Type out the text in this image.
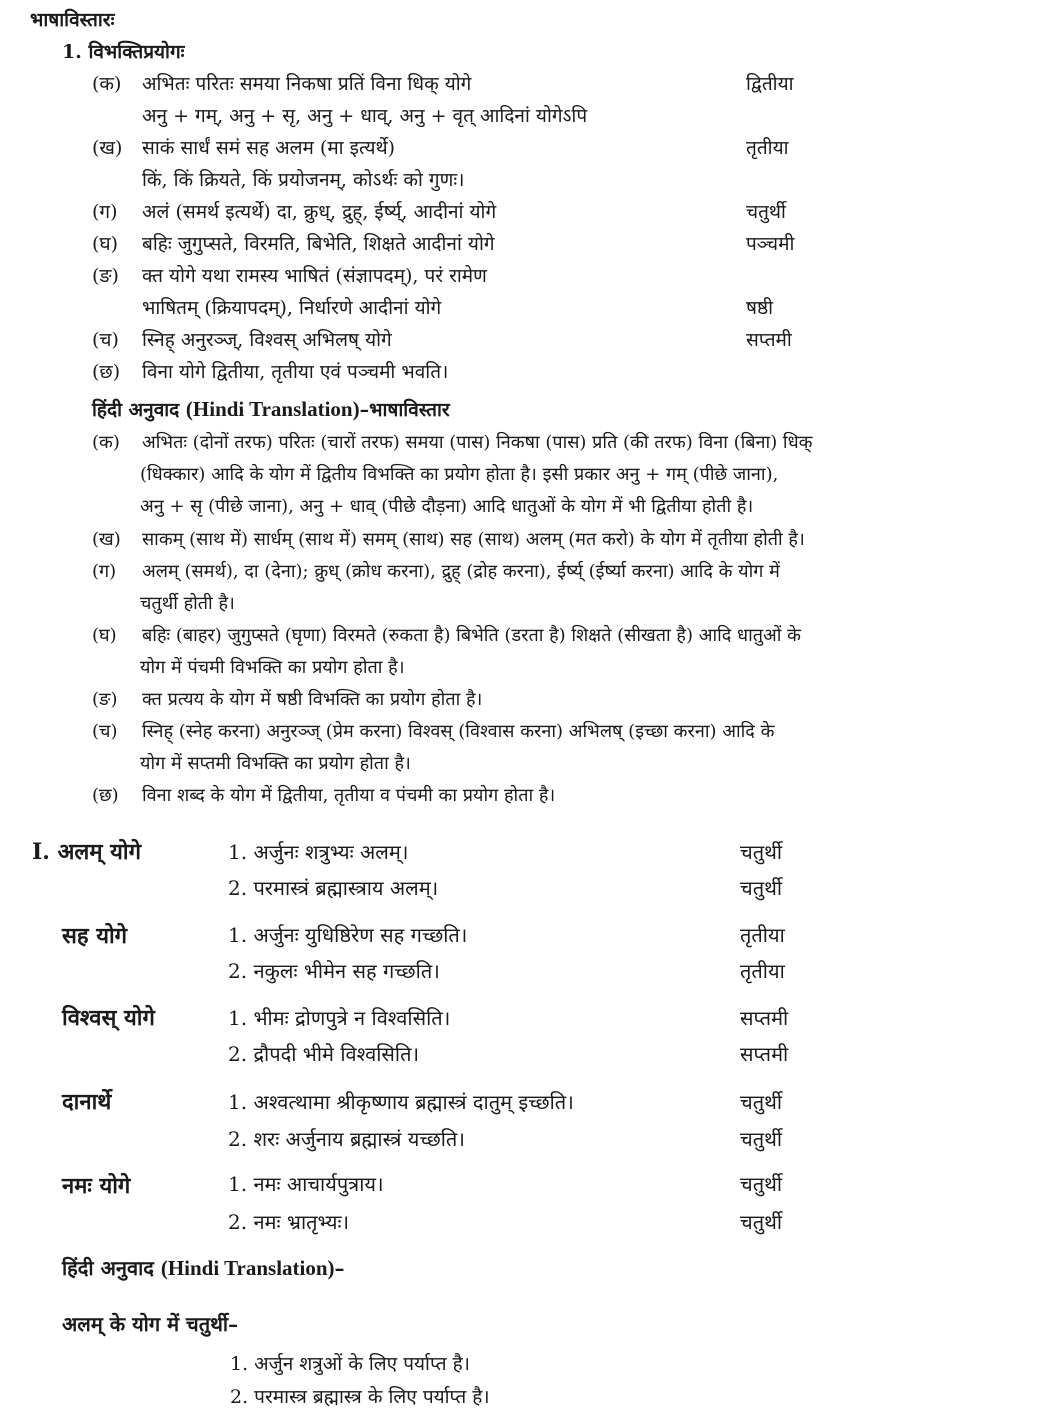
भाषाविस्तारः
1. विभक्तिप्रयोगः
(क) अभितः परितः समया निकषा प्रतिं विना धिक् योगे
अनु + गम्, अनु + सृ, अनु + धाव्, अनु + वृत् आदिनां योगेऽपि
द्वितीया
(ख) साकं सार्धं समं सह अलम (मा इत्यर्थे)
किं, किं क्रियते, किं प्रयोजनम्, कोऽर्थः को गुणः।
तृतीया
(ग) अलं (समर्थ इत्यर्थे) दा, क्रुध्, द्रुह्, ईर्ष्य्, आदीनां योगे	चतुर्थी
(घ) बहिः जुगुप्सते, विरमति, बिभेति, शिक्षते आदीनां योगे	पञ्चमी
(ङ) क्त योगे यथा रामस्य भाषितं (संज्ञापदम्), परं रामेण
भाषितम् (क्रियापदम्), निर्धारणे आदीनां योगे	षष्ठी
(च) स्निह् अनुरञ्ज्, विश्वस् अभिलष् योगे	सप्तमी
(छ) विना योगे द्वितीया, तृतीया एवं पञ्चमी भवति।
हिंदी अनुवाद (Hindi Translation)–भाषाविस्तार
(क) अभितः (दोनों तरफ) परितः (चारों तरफ) समया (पास) निकषा (पास) प्रति (की तरफ) विना (बिना) धिक्
(धिक्कार) आदि के योग में द्वितीय विभक्ति का प्रयोग होता है। इसी प्रकार अनु + गम् (पीछे जाना),
अनु + सृ (पीछे जाना), अनु + धाव् (पीछे दौड़ना) आदि धातुओं के योग में भी द्वितीया होती है।
(ख) साकम् (साथ में) सार्धम् (साथ में) समम् (साथ) सह (साथ) अलम् (मत करो) के योग में तृतीया होती है।
(ग) अलम् (समर्थ), दा (देना); क्रुध् (क्रोध करना), द्रुह् (द्रोह करना), ईर्ष्य् (ईर्ष्या करना) आदि के योग में
चतुर्थी होती है।
(घ) बहिः (बाहर) जुगुप्सते (घृणा) विरमते (रुकता है) बिभेति (डरता है) शिक्षते (सीखता है) आदि धातुओं के
योग में पंचमी विभक्ति का प्रयोग होता है।
(ङ) क्त प्रत्यय के योग में षष्ठी विभक्ति का प्रयोग होता है।
(च) स्निह् (स्नेह करना) अनुरञ्ज् (प्रेम करना) विश्वस् (विश्वास करना) अभिलष् (इच्छा करना) आदि के
योग में सप्तमी विभक्ति का प्रयोग होता है।
(छ) विना शब्द के योग में द्वितीया, तृतीया व पंचमी का प्रयोग होता है।
I. अलम् योगे	1. अर्जुनः शत्रुभ्यः अलम्।	चतुर्थी
2. परमास्त्रं ब्रह्मास्त्राय अलम्।	चतुर्थी
सह योगे	1. अर्जुनः युधिष्ठिरेण सह गच्छति।	तृतीया
2. नकुलः भीमेन सह गच्छति।	तृतीया
विश्वस् योगे	1. भीमः द्रोणपुत्रे न विश्वसिति।	सप्तमी
2. द्रौपदी भीमे विश्वसिति।	सप्तमी
दानार्थे	1. अश्वत्थामा श्रीकृष्णाय ब्रह्मास्त्रं दातुम् इच्छति।	चतुर्थी
2. शरः अर्जुनाय ब्रह्मास्त्रं यच्छति।	चतुर्थी
नमः योगे	1. नमः आचार्यपुत्राय।	चतुर्थी
2. नमः भ्रातृभ्यः।	चतुर्थी
हिंदी अनुवाद (Hindi Translation)–
अलम् के योग में चतुर्थी–
1. अर्जुन शत्रुओं के लिए पर्याप्त है।
2. परमास्त्र ब्रह्मास्त्र के लिए पर्याप्त है।
